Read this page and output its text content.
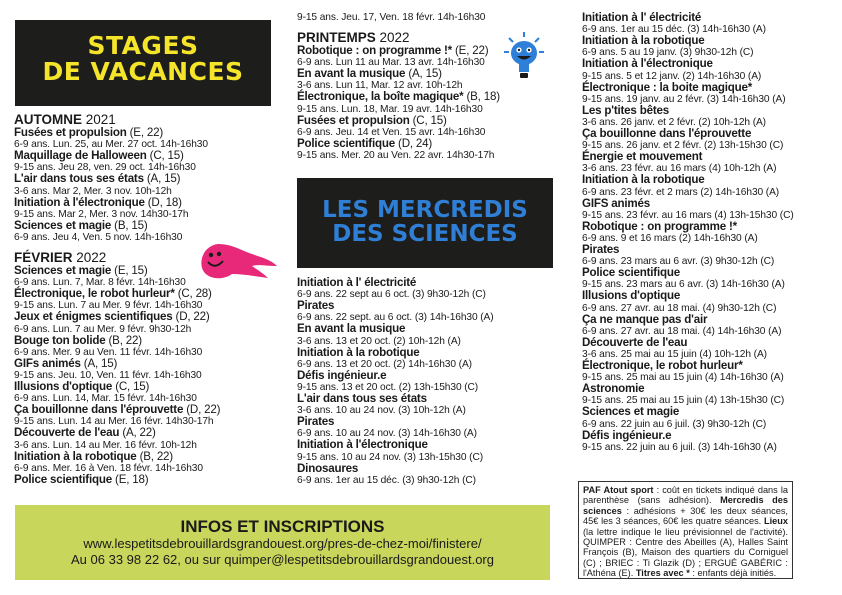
STAGES
DE VACANCES
AUTOMNE 2021
Fusées et propulsion (E, 22)
6-9 ans. Lun. 25, au Mer. 27 oct. 14h-16h30
Maquillage de Halloween (C, 15)
9-15 ans. Jeu 28, ven. 29 oct. 14h-16h30
L'air dans tous ses états (A, 15)
3-6 ans. Mar 2, Mer. 3 nov. 10h-12h
Initiation à l'électronique (D, 18)
9-15 ans. Mar 2, Mer. 3 nov. 14h30-17h
Sciences et magie (B, 15)
6-9 ans. Jeu 4, Ven. 5 nov. 14h-16h30
FÉVRIER 2022
Sciences et magie (E, 15)
6-9 ans. Lun. 7, Mar. 8 févr. 14h-16h30
Électronique, le robot hurleur* (C, 28)
9-15 ans. Lun. 7 au Mer. 9 févr. 14h-16h30
Jeux et énigmes scientifiques (D, 22)
6-9 ans. Lun. 7 au Mer. 9 févr. 9h30-12h
Bouge ton bolide (B, 22)
6-9 ans. Mer. 9 au Ven. 11 févr. 14h-16h30
GIFs animés (A, 15)
9-15 ans. Jeu. 10, Ven. 11 févr. 14h-16h30
Illusions d'optique (C, 15)
6-9 ans. Lun. 14, Mar. 15 févr. 14h-16h30
Ça bouillonne dans l'éprouvette (D, 22)
9-15 ans. Lun. 14 au Mer. 16 févr. 14h30-17h
Découverte de l'eau (A, 22)
3-6 ans. Lun. 14 au Mer. 16 févr. 10h-12h
Initiation à la robotique (B, 22)
6-9 ans. Mer. 16 à Ven. 18 févr. 14h-16h30
Police scientifique (E, 18)
9-15 ans. Jeu. 17, Ven. 18 févr. 14h-16h30
PRINTEMPS 2022
Robotique : on programme !* (E, 22)
6-9 ans. Lun 11 au Mar. 13 avr. 14h-16h30
En avant la musique (A, 15)
3-6 ans. Lun 11, Mar. 12 avr. 10h-12h
Électronique, la boîte magique* (B, 18)
9-15 ans. Lun. 18, Mar. 19 avr. 14h-16h30
Fusées et propulsion (C, 15)
6-9 ans. Jeu. 14 et Ven. 15 avr. 14h-16h30
Police scientifique (D, 24)
9-15 ans. Mer. 20 au Ven. 22 avr. 14h30-17h
LES MERCREDIS
DES SCIENCES
Initiation à l' électricité
6-9 ans. 22 sept au 6 oct. (3) 9h30-12h (C)
Pirates
6-9 ans. 22 sept. au 6 oct. (3) 14h-16h30 (A)
En avant la musique
3-6 ans. 13 et 20 oct. (2) 10h-12h (A)
Initiation à la robotique
6-9 ans. 13 et 20 oct. (2) 14h-16h30 (A)
Défis ingénieur.e
9-15 ans. 13 et 20 oct. (2) 13h-15h30 (C)
L'air dans tous ses états
3-6 ans. 10 au 24 nov. (3) 10h-12h (A)
Pirates
6-9 ans. 10 au 24 nov. (3) 14h-16h30 (A)
Initiation à l'électronique
9-15 ans. 10 au 24 nov. (3) 13h-15h30 (C)
Dinosaures
6-9 ans. 1er au 15 déc. (3) 9h30-12h (C)
Initiation à l' électricité
6-9 ans. 1er au 15 déc. (3) 14h-16h30 (A)
Initiation à la robotique
6-9 ans. 5 au 19 janv. (3) 9h30-12h (C)
Initiation à l'électronique
9-15 ans. 5 et 12 janv. (2) 14h-16h30 (A)
Électronique : la boite magique*
9-15 ans. 19 janv. au 2 févr. (3) 14h-16h30 (A)
Les p'tites bêtes
3-6 ans. 26 janv. et 2 févr. (2) 10h-12h (A)
Ça bouillonne dans l'éprouvette
9-15 ans. 26 janv. et 2 févr. (2) 13h-15h30 (C)
Énergie et mouvement
3-6 ans. 23 févr. au 16 mars (4) 10h-12h (A)
Initiation à la robotique
6-9 ans. 23 févr. et 2 mars (2) 14h-16h30 (A)
GIFS animés
9-15 ans. 23 févr. au 16 mars (4) 13h-15h30 (C)
Robotique : on programme !*
6-9 ans. 9 et 16 mars (2) 14h-16h30 (A)
Pirates
6-9 ans. 23 mars au 6 avr. (3) 9h30-12h (C)
Police scientifique
9-15 ans. 23 mars au 6 avr. (3) 14h-16h30 (A)
Illusions d'optique
6-9 ans. 27 avr. au 18 mai. (4) 9h30-12h (C)
Ça ne manque pas d'air
6-9 ans. 27 avr. au 18 mai. (4) 14h-16h30 (A)
Découverte de l'eau
3-6 ans. 25 mai au 15 juin (4) 10h-12h (A)
Électronique, le robot hurleur*
9-15 ans. 25 mai au 15 juin (4) 14h-16h30 (A)
Astronomie
9-15 ans. 25 mai au 15 juin (4) 13h-15h30 (C)
Sciences et magie
6-9 ans. 22 juin au 6 juil. (3) 9h30-12h (C)
Défis ingénieur.e
9-15 ans. 22 juin au 6 juil. (3) 14h-16h30 (A)
INFOS ET INSCRIPTIONS
www.lespetitsdebrouillardsgrandouest.org/pres-de-chez-moi/finistere/
Au 06 33 98 22 62, ou sur quimper@lespetitsdebrouillardsgrandouest.org
PAF Atout sport : coût en tickets indiqué dans la parenthèse (sans adhésion). Mercredis des sciences : adhésions + 30€ les deux séances, 45€ les 3 séances, 60€ les quatre séances. Lieux (la lettre indique le lieu prévisionnel de l'activité). QUIMPER : Centre des Abeilles (A), Halles Saint François (B), Maison des quartiers du Corniguel (C) ; BRIEC : Ti Glazik (D) ; ERGUÉ GABÉRIC : l'Athéna (E). Titres avec * : enfants déjà initiés.
